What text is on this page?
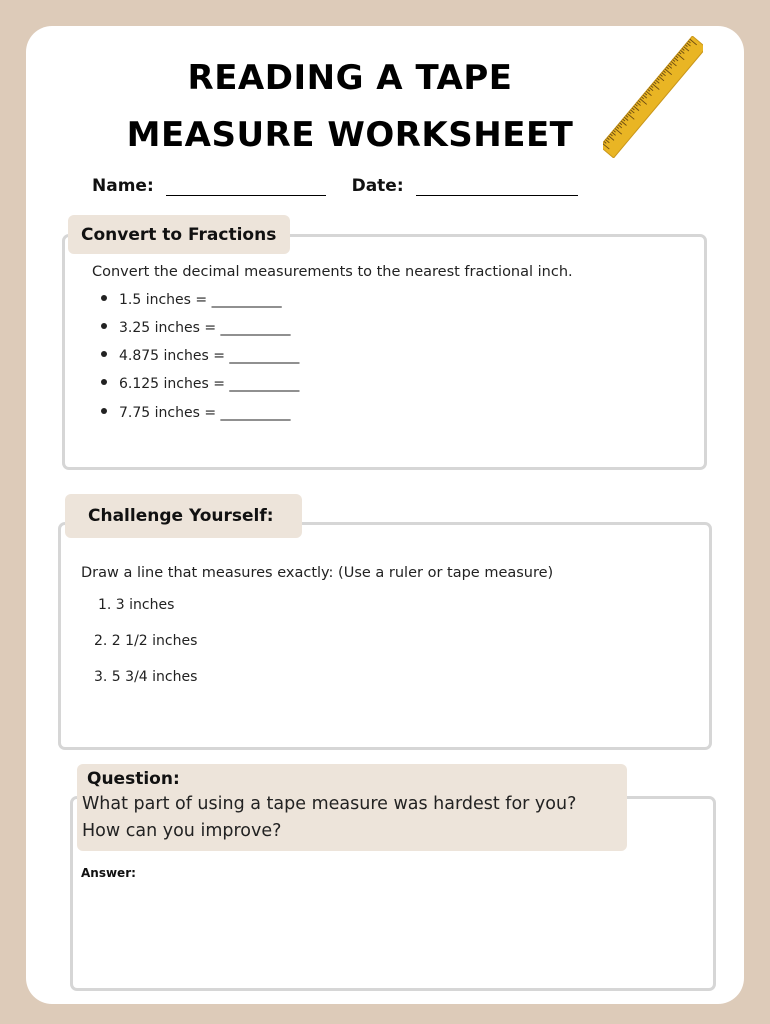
READING A TAPE
MEASURE WORKSHEET
Name:	Date:
Convert to Fractions
Convert the decimal measurements to the nearest fractional inch.
1.5 inches = __________
3.25 inches = __________
4.875 inches = __________
6.125 inches = __________
7.75 inches = __________
Challenge Yourself:
Draw a line that measures exactly: (Use a ruler or tape measure)
1. 3 inches
2. 2 1/2 inches
3. 5 3/4 inches
Question:
What part of using a tape measure was hardest for you?
How can you improve?
Answer:
